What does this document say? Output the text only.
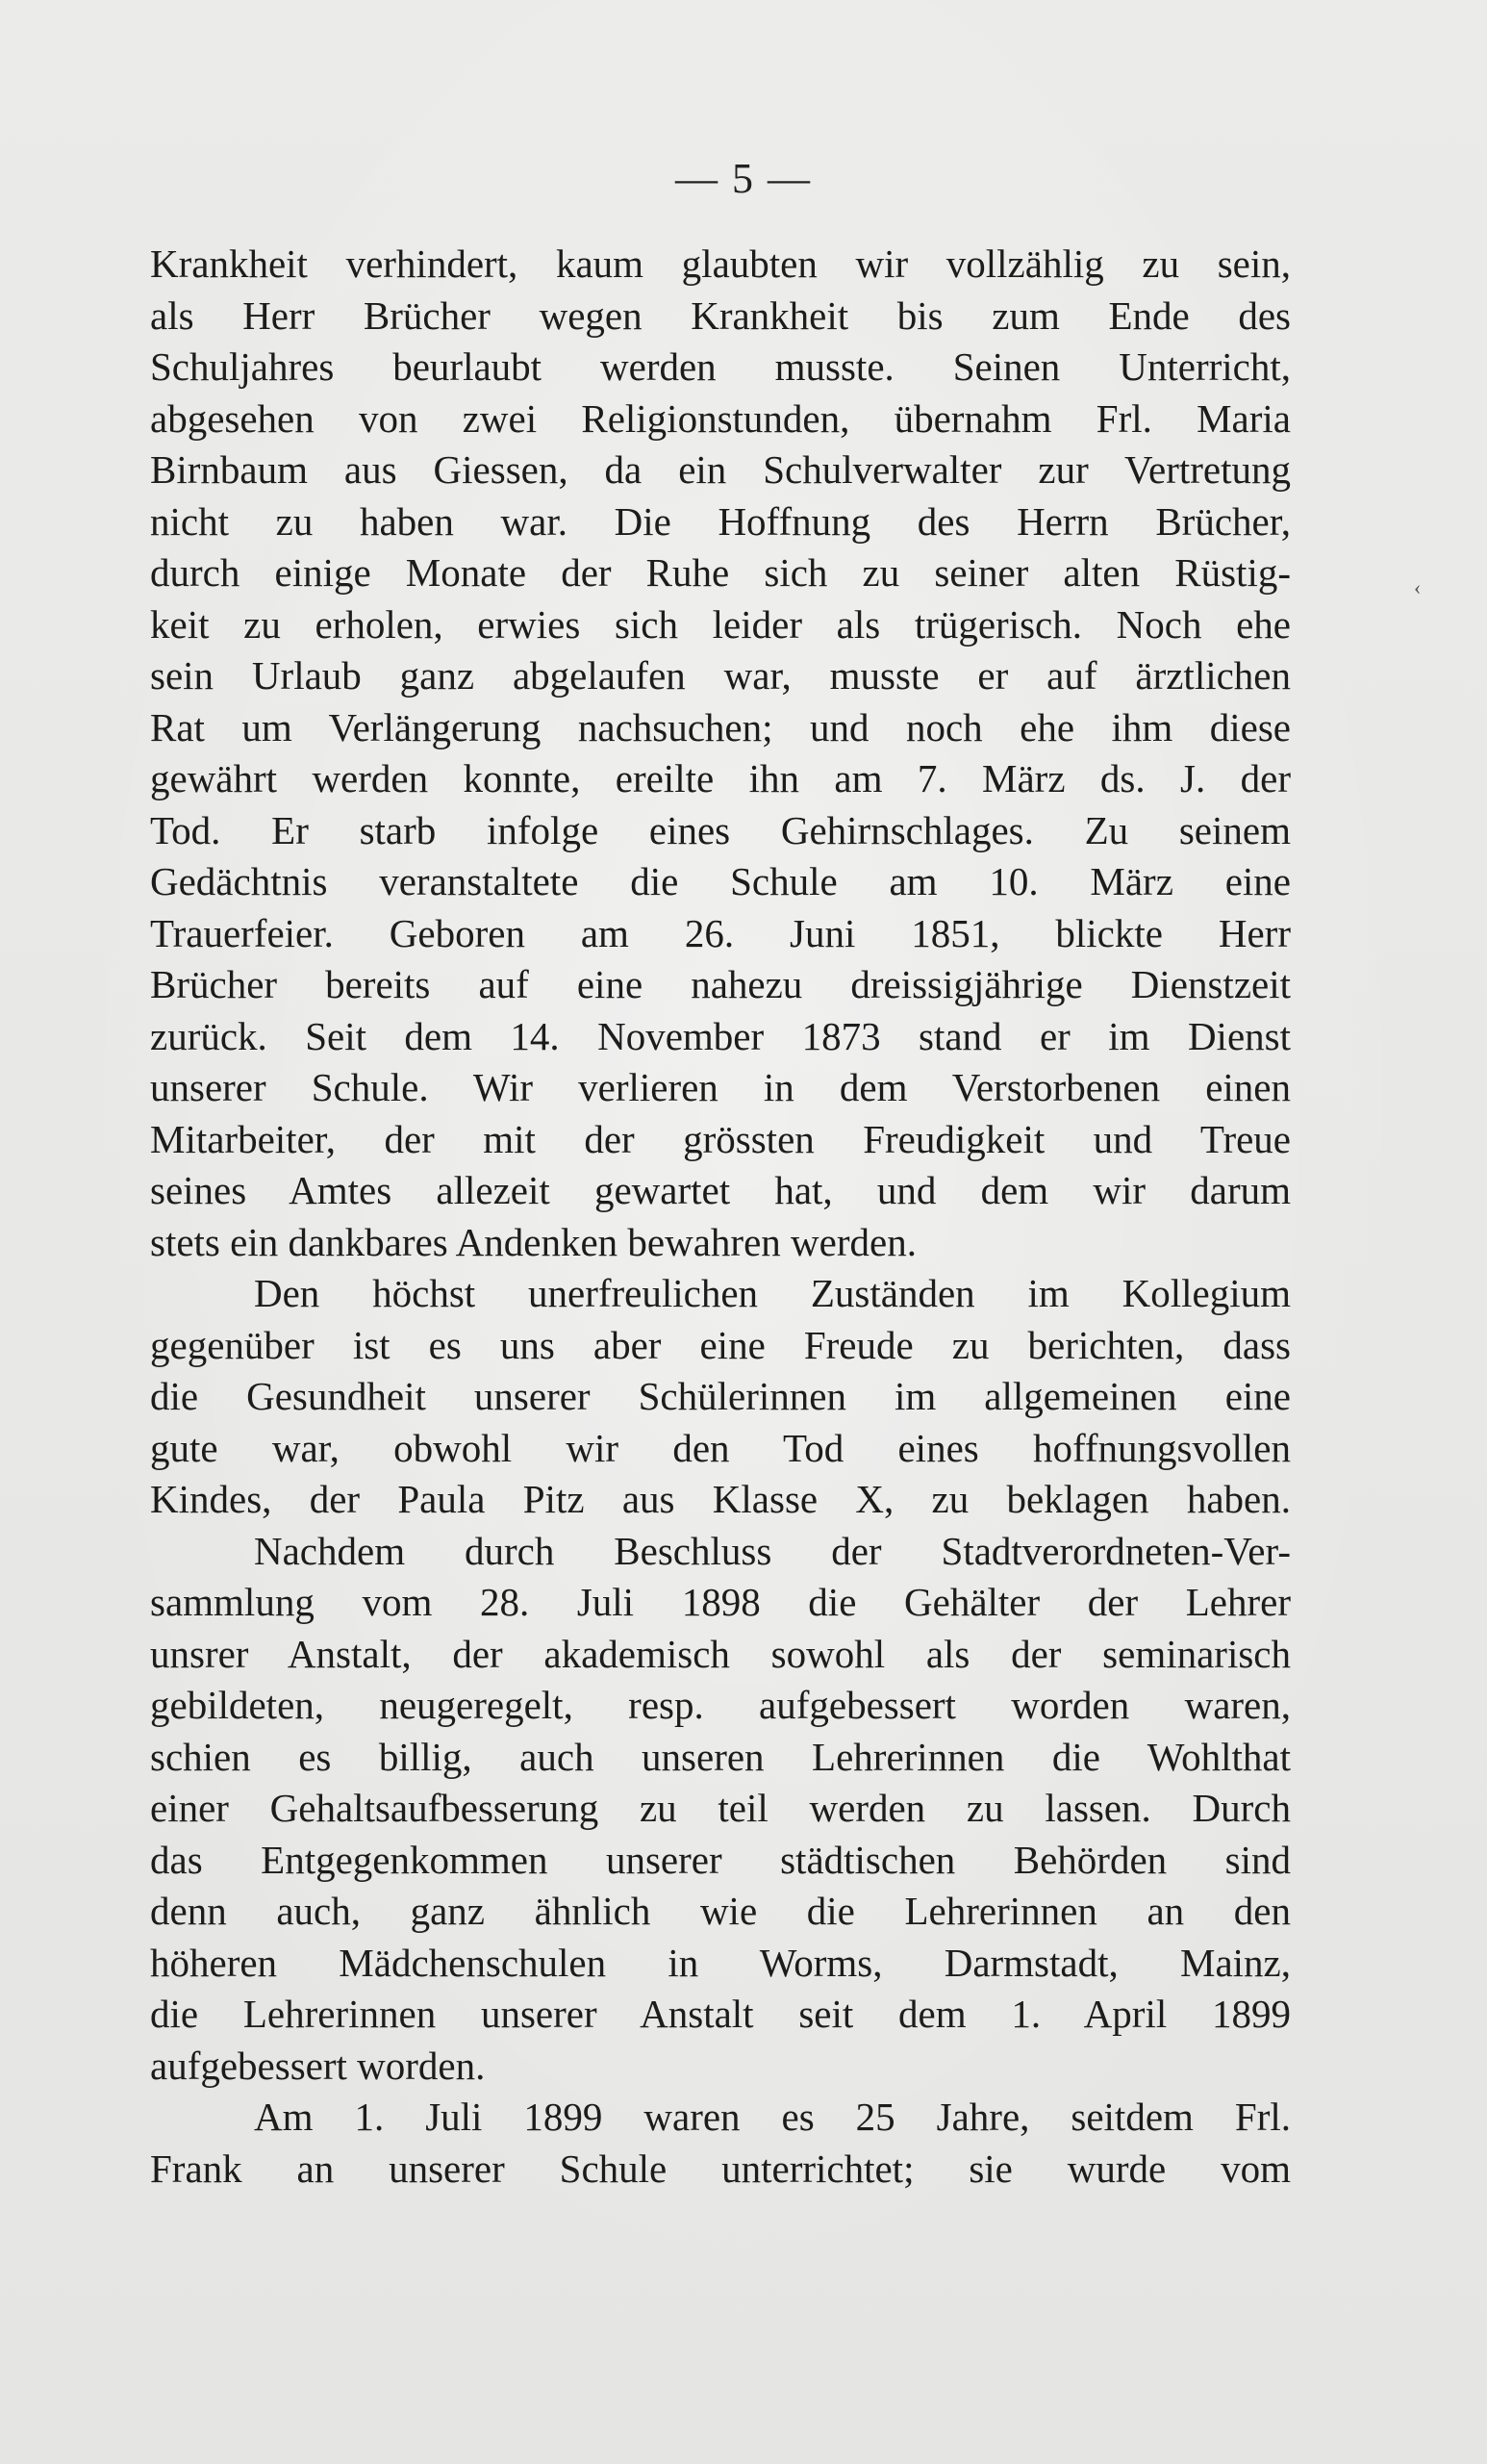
— 5 —
‹
Krankheit verhindert, kaum glaubten wir vollzählig zu sein,
als Herr Brücher wegen Krankheit bis zum Ende des
Schuljahres beurlaubt werden musste. Seinen Unterricht,
abgesehen von zwei Religionstunden, übernahm Frl. Maria
Birnbaum aus Giessen, da ein Schulverwalter zur Vertretung
nicht zu haben war. Die Hoffnung des Herrn Brücher,
durch einige Monate der Ruhe sich zu seiner alten Rüstig-
keit zu erholen, erwies sich leider als trügerisch. Noch ehe
sein Urlaub ganz abgelaufen war, musste er auf ärztlichen
Rat um Verlängerung nachsuchen; und noch ehe ihm diese
gewährt werden konnte, ereilte ihn am 7. März ds. J. der
Tod. Er starb infolge eines Gehirnschlages. Zu seinem
Gedächtnis veranstaltete die Schule am 10. März eine
Trauerfeier. Geboren am 26. Juni 1851, blickte Herr
Brücher bereits auf eine nahezu dreissigjährige Dienstzeit
zurück. Seit dem 14. November 1873 stand er im Dienst
unserer Schule. Wir verlieren in dem Verstorbenen einen
Mitarbeiter, der mit der grössten Freudigkeit und Treue
seines Amtes allezeit gewartet hat, und dem wir darum
stets ein dankbares Andenken bewahren werden.
Den höchst unerfreulichen Zuständen im Kollegium
gegenüber ist es uns aber eine Freude zu berichten, dass
die Gesundheit unserer Schülerinnen im allgemeinen eine
gute war, obwohl wir den Tod eines hoffnungsvollen
Kindes, der Paula Pitz aus Klasse X, zu beklagen haben.
Nachdem durch Beschluss der Stadtverordneten-Ver-
sammlung vom 28. Juli 1898 die Gehälter der Lehrer
unsrer Anstalt, der akademisch sowohl als der seminarisch
gebildeten, neugeregelt, resp. aufgebessert worden waren,
schien es billig, auch unseren Lehrerinnen die Wohlthat
einer Gehaltsaufbesserung zu teil werden zu lassen. Durch
das Entgegenkommen unserer städtischen Behörden sind
denn auch, ganz ähnlich wie die Lehrerinnen an den
höheren Mädchenschulen in Worms, Darmstadt, Mainz,
die Lehrerinnen unserer Anstalt seit dem 1. April 1899
aufgebessert worden.
Am 1. Juli 1899 waren es 25 Jahre, seitdem Frl.
Frank an unserer Schule unterrichtet; sie wurde vom
